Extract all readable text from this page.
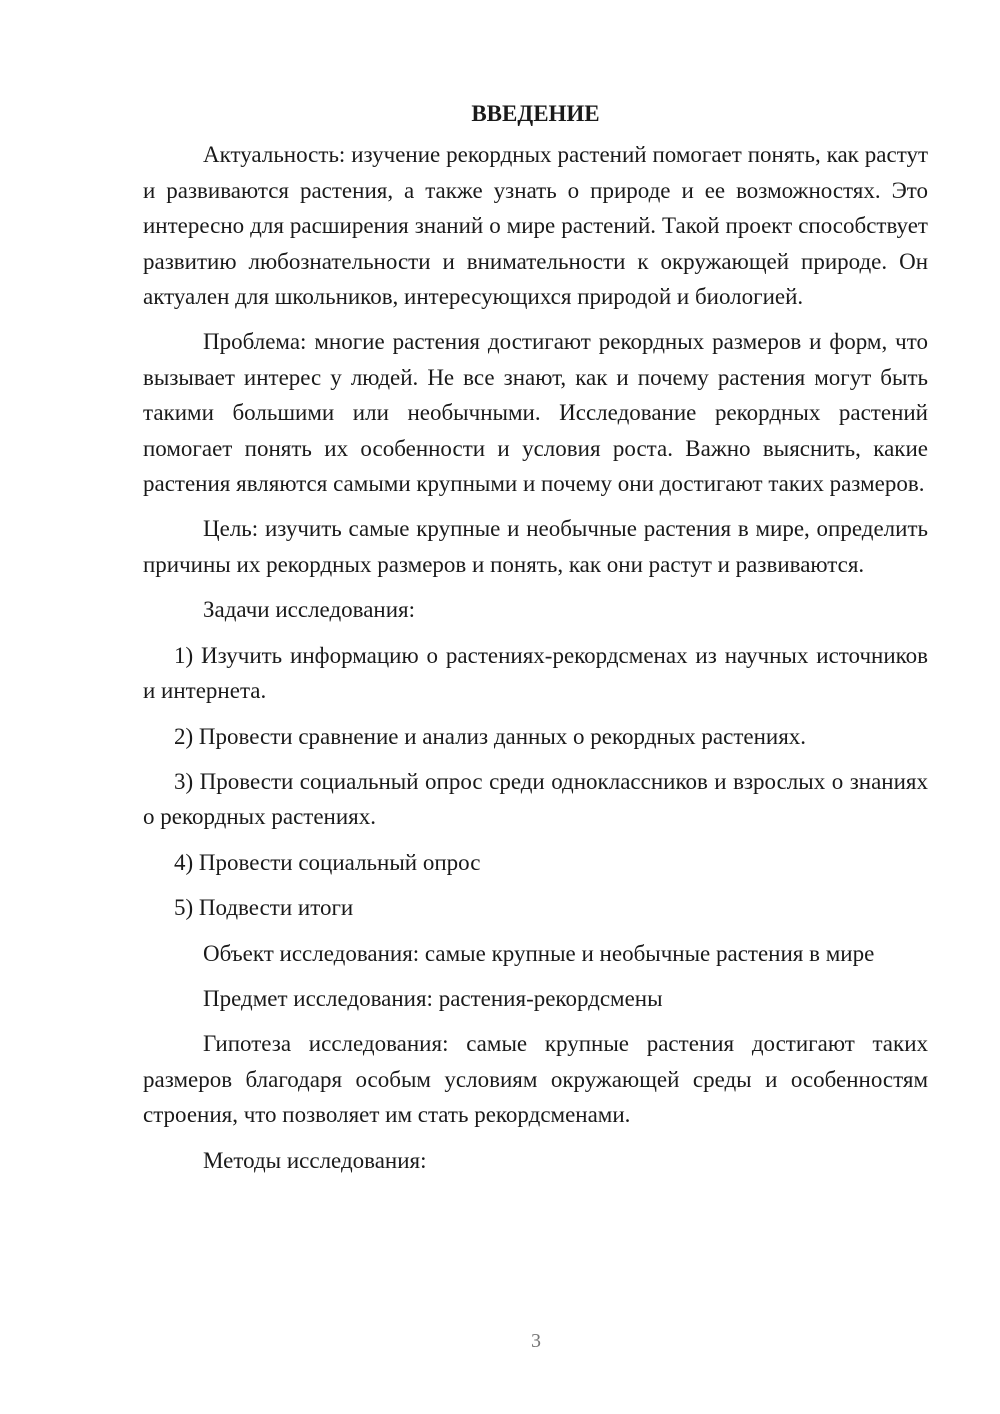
ВВЕДЕНИЕ

Актуальность: изучение рекордных растений помогает понять, как растут и развиваются растения, а также узнать о природе и ее возможностях. Это интересно для расширения знаний о мире растений. Такой проект способствует развитию любознательности и внимательности к окружающей природе. Он актуален для школьников, интересующихся природой и биологией.

Проблема: многие растения достигают рекордных размеров и форм, что вызывает интерес у людей. Не все знают, как и почему растения могут быть такими большими или необычными. Исследование рекордных растений помогает понять их особенности и условия роста. Важно выяснить, какие растения являются самыми крупными и почему они достигают таких размеров.

Цель: изучить самые крупные и необычные растения в мире, определить причины их рекордных размеров и понять, как они растут и развиваются.

Задачи исследования:

1) Изучить информацию о растениях-рекордсменах из научных источников и интернета.

2) Провести сравнение и анализ данных о рекордных растениях.

3) Провести социальный опрос среди одноклассников и взрослых о знаниях о рекордных растениях.

4) Провести социальный опрос

5) Подвести итоги

Объект исследования: самые крупные и необычные растения в мире

Предмет исследования: растения-рекордсмены

Гипотеза исследования: самые крупные растения достигают таких размеров благодаря особым условиям окружающей среды и особенностям строения, что позволяет им стать рекордсменами.

Методы исследования:

3
